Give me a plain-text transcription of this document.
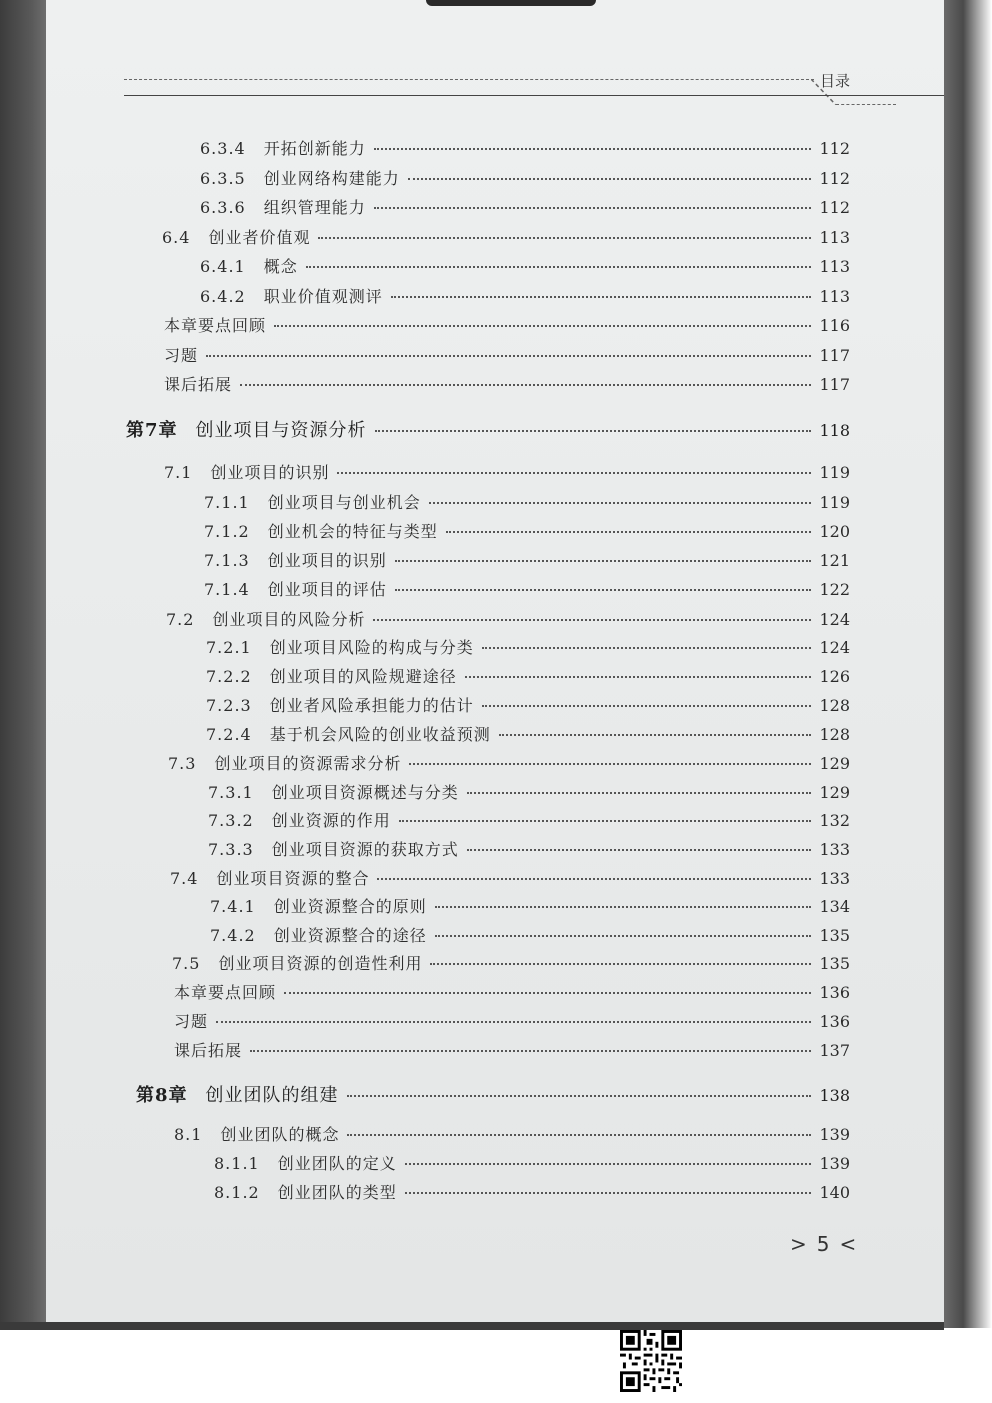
目录
6.3.4 开拓创新能力	112
6.3.5 创业网络构建能力	112
6.3.6 组织管理能力	112
6.4 创业者价值观	113
6.4.1 概念	113
6.4.2 职业价值观测评	113
本章要点回顾	116
习题	117
课后拓展	117
第7章 创业项目与资源分析	118
7.1 创业项目的识别	119
7.1.1 创业项目与创业机会	119
7.1.2 创业机会的特征与类型	120
7.1.3 创业项目的识别	121
7.1.4 创业项目的评估	122
7.2 创业项目的风险分析	124
7.2.1 创业项目风险的构成与分类	124
7.2.2 创业项目的风险规避途径	126
7.2.3 创业者风险承担能力的估计	128
7.2.4 基于机会风险的创业收益预测	128
7.3 创业项目的资源需求分析	129
7.3.1 创业项目资源概述与分类	129
7.3.2 创业资源的作用	132
7.3.3 创业项目资源的获取方式	133
7.4 创业项目资源的整合	133
7.4.1 创业资源整合的原则	134
7.4.2 创业资源整合的途径	135
7.5 创业项目资源的创造性利用	135
本章要点回顾	136
习题	136
课后拓展	137
第8章 创业团队的组建	138
8.1 创业团队的概念	139
8.1.1 创业团队的定义	139
8.1.2 创业团队的类型	140
>5<
